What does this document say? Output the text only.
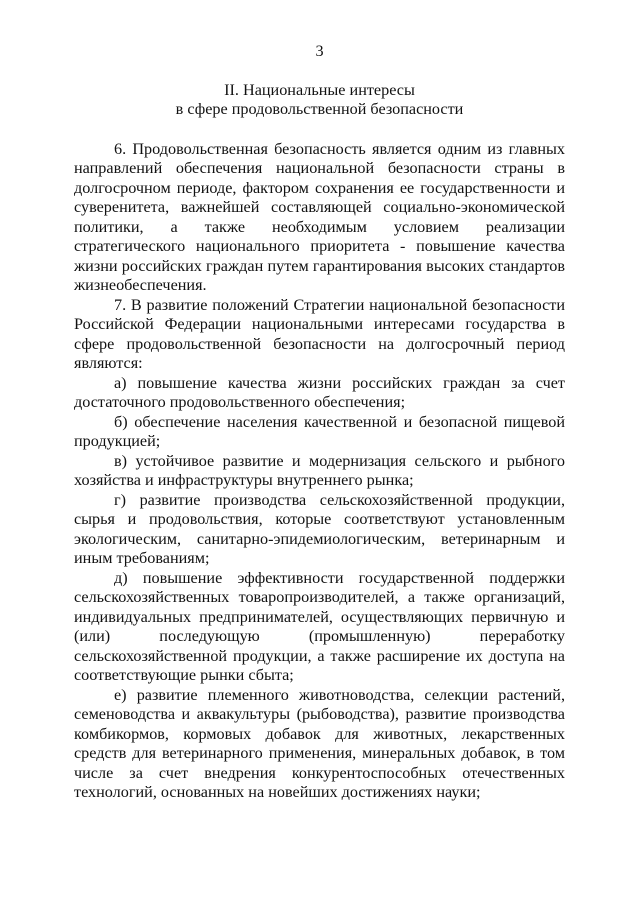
3
II. Национальные интересы
в сфере продовольственной безопасности

6. Продовольственная безопасность является одним из главных направлений обеспечения национальной безопасности страны в долгосрочном периоде, фактором сохранения ее государственности и суверенитета, важнейшей составляющей социально-экономической политики, а также необходимым условием реализации стратегического национального приоритета - повышение качества жизни российских граждан путем гарантирования высоких стандартов жизнеобеспечения.

7. В развитие положений Стратегии национальной безопасности Российской Федерации национальными интересами государства в сфере продовольственной безопасности на долгосрочный период являются:

а) повышение качества жизни российских граждан за счет достаточного продовольственного обеспечения;

б) обеспечение населения качественной и безопасной пищевой продукцией;

в) устойчивое развитие и модернизация сельского и рыбного хозяйства и инфраструктуры внутреннего рынка;

г) развитие производства сельскохозяйственной продукции, сырья и продовольствия, которые соответствуют установленным экологическим, санитарно-эпидемиологическим, ветеринарным и иным требованиям;

д) повышение эффективности государственной поддержки сельскохозяйственных товаропроизводителей, а также организаций, индивидуальных предпринимателей, осуществляющих первичную и (или) последующую (промышленную) переработку сельскохозяйственной продукции, а также расширение их доступа на соответствующие рынки сбыта;

е) развитие племенного животноводства, селекции растений, семеноводства и аквакультуры (рыбоводства), развитие производства комбикормов, кормовых добавок для животных, лекарственных средств для ветеринарного применения, минеральных добавок, в том числе за счет внедрения конкурентоспособных отечественных технологий, основанных на новейших достижениях науки;
